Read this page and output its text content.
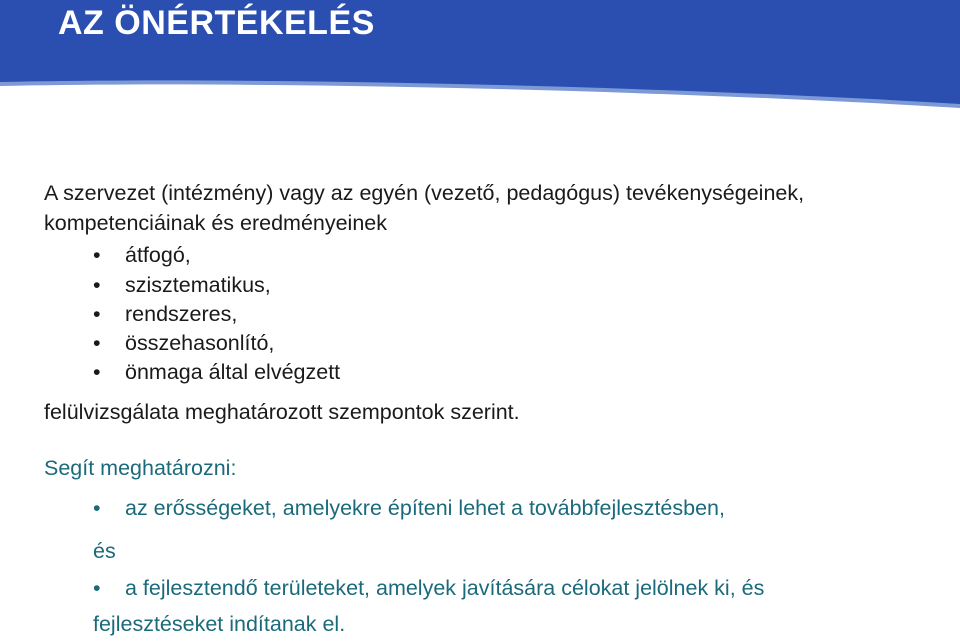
AZ ÖNÉRTÉKELÉS
A szervezet (intézmény) vagy az egyén (vezető, pedagógus) tevékenységeinek,
kompetenciáinak és eredményeinek
• átfogó,
• szisztematikus,
• rendszeres,
• összehasonlító,
• önmaga által elvégzett
felülvizsgálata meghatározott szempontok szerint.
Segít meghatározni:
• az erősségeket, amelyekre építeni lehet a továbbfejlesztésben,
és
• a fejlesztendő területeket, amelyek javítására célokat jelölnek ki, és
fejlesztéseket indítanak el.
